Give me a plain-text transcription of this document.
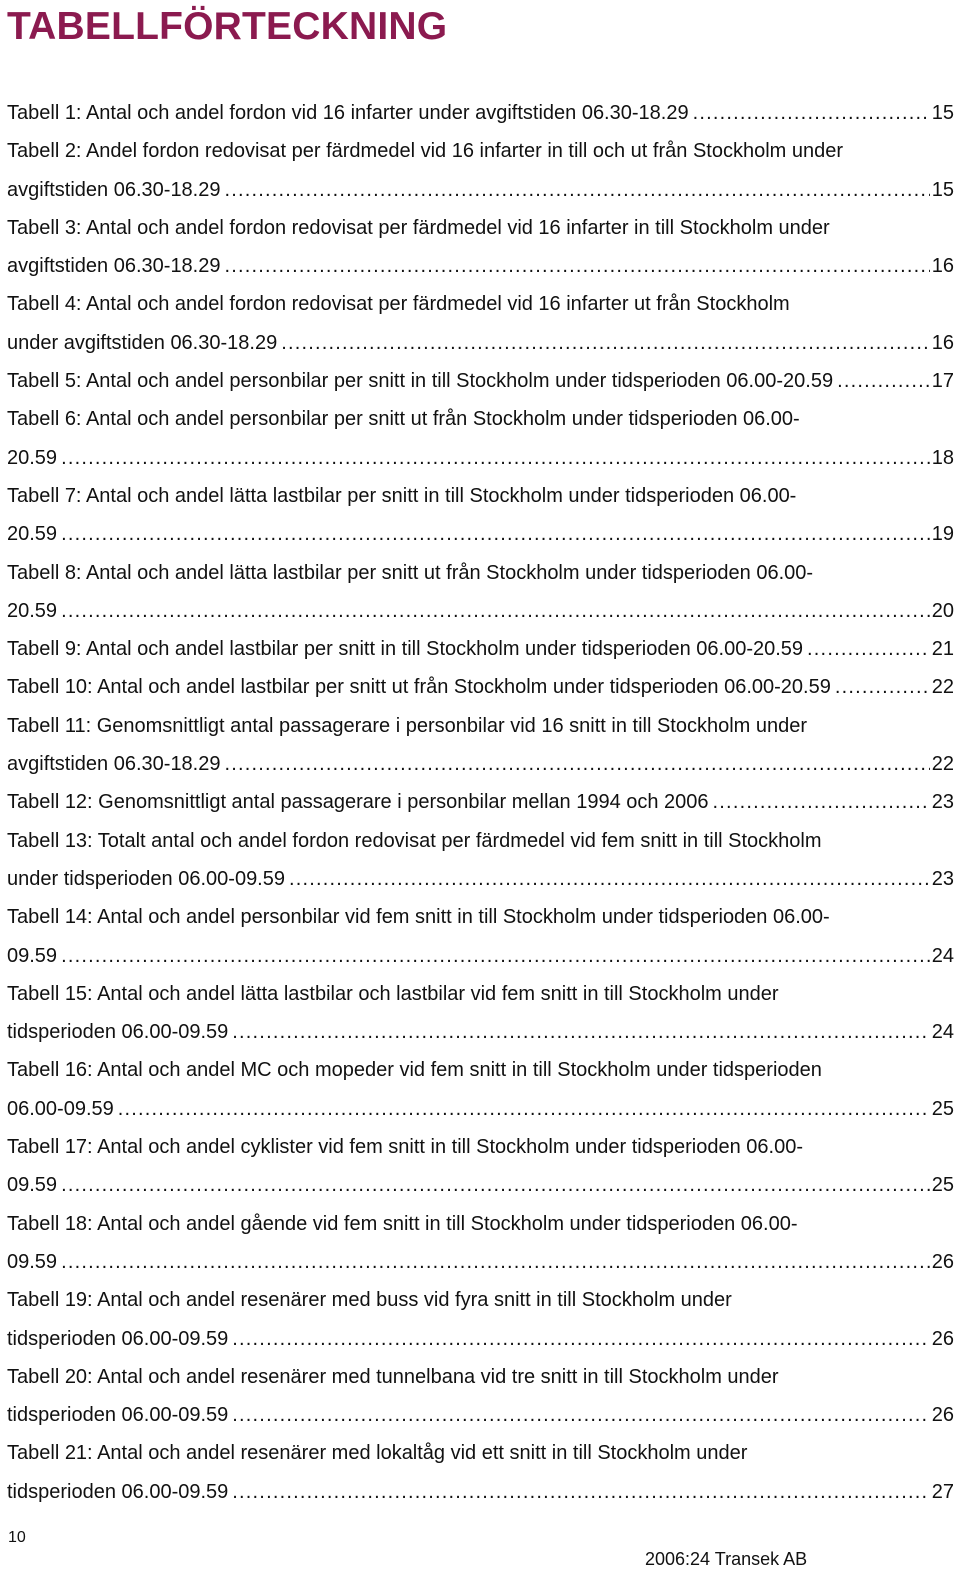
TABELLFÖRTECKNING
Tabell 1: Antal och andel fordon vid 16 infarter under avgiftstiden 06.30-18.29 .....	15
Tabell 2: Andel fordon redovisat per färdmedel vid 16 infarter in till och ut från Stockholm under
avgiftstiden 06.30-18.29 .....	15
Tabell 3: Antal och andel fordon redovisat per färdmedel vid 16 infarter in till Stockholm under
avgiftstiden 06.30-18.29 .....	16
Tabell 4: Antal och andel fordon redovisat per färdmedel vid 16 infarter ut från Stockholm
under avgiftstiden 06.30-18.29 .....	16
Tabell 5: Antal och andel personbilar per snitt in till Stockholm under tidsperioden 06.00-20.59 .....	17
Tabell 6: Antal och andel personbilar per snitt ut från Stockholm under tidsperioden 06.00-
20.59 .....	18
Tabell 7: Antal och andel lätta lastbilar per snitt in till Stockholm under tidsperioden 06.00-
20.59 .....	19
Tabell 8: Antal och andel lätta lastbilar per snitt ut från Stockholm under tidsperioden 06.00-
20.59 .....	20
Tabell 9: Antal och andel lastbilar per snitt in till Stockholm under tidsperioden 06.00-20.59 .....	21
Tabell 10: Antal och andel lastbilar per snitt ut från Stockholm under tidsperioden 06.00-20.59 .....	22
Tabell 11: Genomsnittligt antal passagerare i personbilar vid 16 snitt in till Stockholm under
avgiftstiden 06.30-18.29 .....	22
Tabell 12: Genomsnittligt antal passagerare i personbilar mellan 1994 och 2006 .....	23
Tabell 13: Totalt antal och andel fordon redovisat per färdmedel vid fem snitt in till Stockholm
under tidsperioden 06.00-09.59 .....	23
Tabell 14: Antal och andel personbilar vid fem snitt in till Stockholm under tidsperioden 06.00-
09.59 .....	24
Tabell 15: Antal och andel lätta lastbilar och lastbilar vid fem snitt in till Stockholm under
tidsperioden 06.00-09.59 .....	24
Tabell 16: Antal och andel MC och mopeder vid fem snitt in till Stockholm under tidsperioden
06.00-09.59 .....	25
Tabell 17: Antal och andel cyklister vid fem snitt in till Stockholm under tidsperioden 06.00-
09.59 .....	25
Tabell 18: Antal och andel gående vid fem snitt in till Stockholm under tidsperioden 06.00-
09.59 .....	26
Tabell 19: Antal och andel resenärer med buss vid fyra snitt in till Stockholm under
tidsperioden 06.00-09.59 .....	26
Tabell 20: Antal och andel resenärer med tunnelbana vid tre snitt in till Stockholm under
tidsperioden 06.00-09.59 .....	26
Tabell 21: Antal och andel resenärer med lokaltåg vid ett snitt in till Stockholm under
tidsperioden 06.00-09.59 .....	27
10
2006:24 Transek AB
